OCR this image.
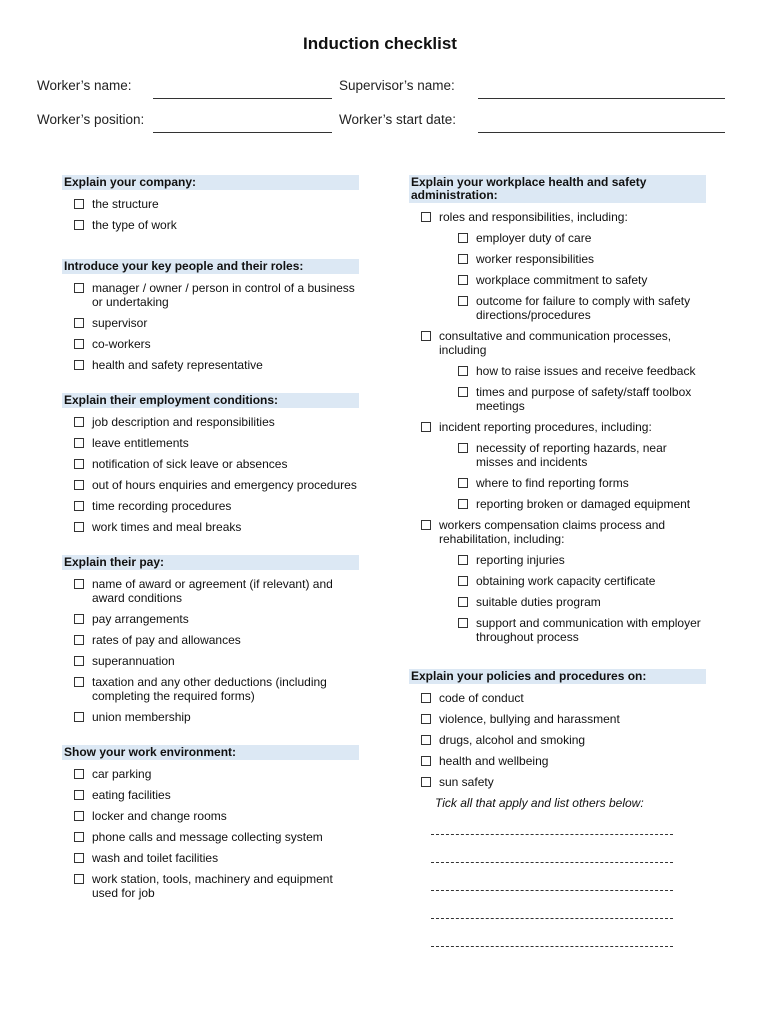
Induction checklist
Worker’s name:	Supervisor’s name:
Worker’s position:	Worker’s start date:
Explain your company:
the structure
the type of work
Introduce your key people and their roles:
manager / owner / person in control of a business or undertaking
supervisor
co-workers
health and safety representative
Explain their employment conditions:
job description and responsibilities
leave entitlements
notification of sick leave or absences
out of hours enquiries and emergency procedures
time recording procedures
work times and meal breaks
Explain their pay:
name of award or agreement (if relevant) and award conditions
pay arrangements
rates of pay and allowances
superannuation
taxation and any other deductions (including completing the required forms)
union membership
Show your work environment:
car parking
eating facilities
locker and change rooms
phone calls and message collecting system
wash and toilet facilities
work station, tools, machinery and equipment used for job
Explain your workplace health and safety administration:
roles and responsibilities, including:
employer duty of care
worker responsibilities
workplace commitment to safety
outcome for failure to comply with safety directions/procedures
consultative and communication processes, including
how to raise issues and receive feedback
times and purpose of safety/staff toolbox meetings
incident reporting procedures, including:
necessity of reporting hazards, near misses and incidents
where to find reporting forms
reporting broken or damaged equipment
workers compensation claims process and rehabilitation, including:
reporting injuries
obtaining work capacity certificate
suitable duties program
support and communication with employer throughout process
Explain your policies and procedures on:
code of conduct
violence, bullying and harassment
drugs, alcohol and smoking
health and wellbeing
sun safety
Tick all that apply and list others below:
